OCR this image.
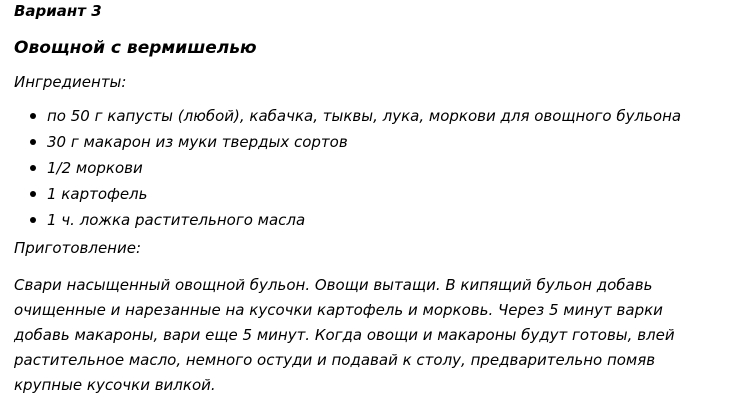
Вариант 3
Овощной с вермишелью
Ингредиенты:
по 50 г капусты (любой), кабачка, тыквы, лука, моркови для овощного бульона
30 г макарон из муки твердых сортов
1/2 моркови
1 картофель
1 ч. ложка растительного масла
Приготовление:
Свари насыщенный овощной бульон. Овощи вытащи. В кипящий бульон добавь очищенные и нарезанные на кусочки картофель и морковь. Через 5 минут варки добавь макароны, вари еще 5 минут. Когда овощи и макароны будут готовы, влей растительное масло, немного остуди и подавай к столу, предварительно помяв крупные кусочки вилкой.
